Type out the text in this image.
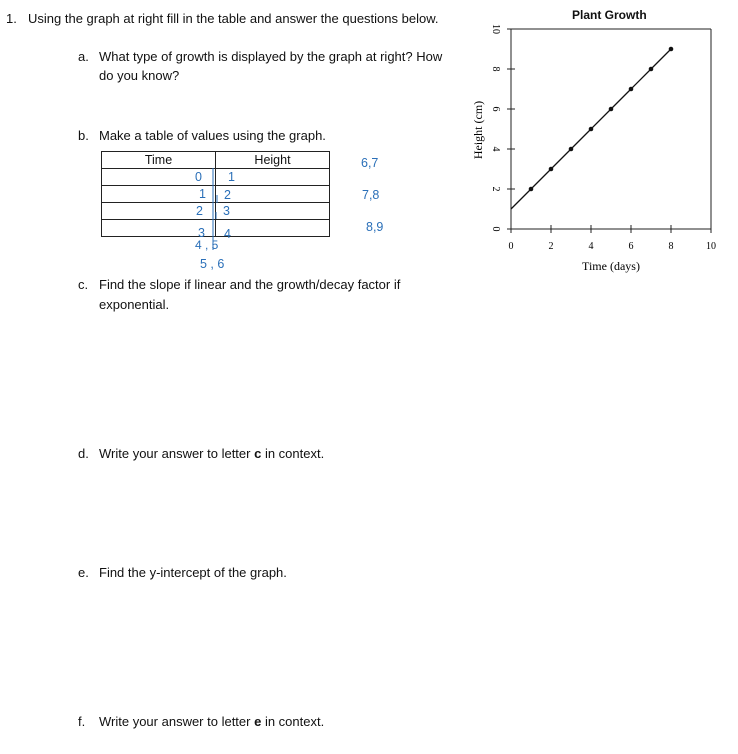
1. Using the graph at right fill in the table and answer the questions below.
a. What type of growth is displayed by the graph at right? How
do you know?
b. Make a table of values using the graph.
Time	Height

0 1
1 2
2 3
3 4
4 , 5
5 , 6
6,7
7,8
8,9
c. Find the slope if linear and the growth/decay factor if
exponential.
d. Write your answer to letter c in context.
e. Find the y-intercept of the graph.
f. Write your answer to letter e in context.
Plant Growth
Time (days)
Height (cm)
0
2
4
6
8
10
0	2	4	6	8	10
